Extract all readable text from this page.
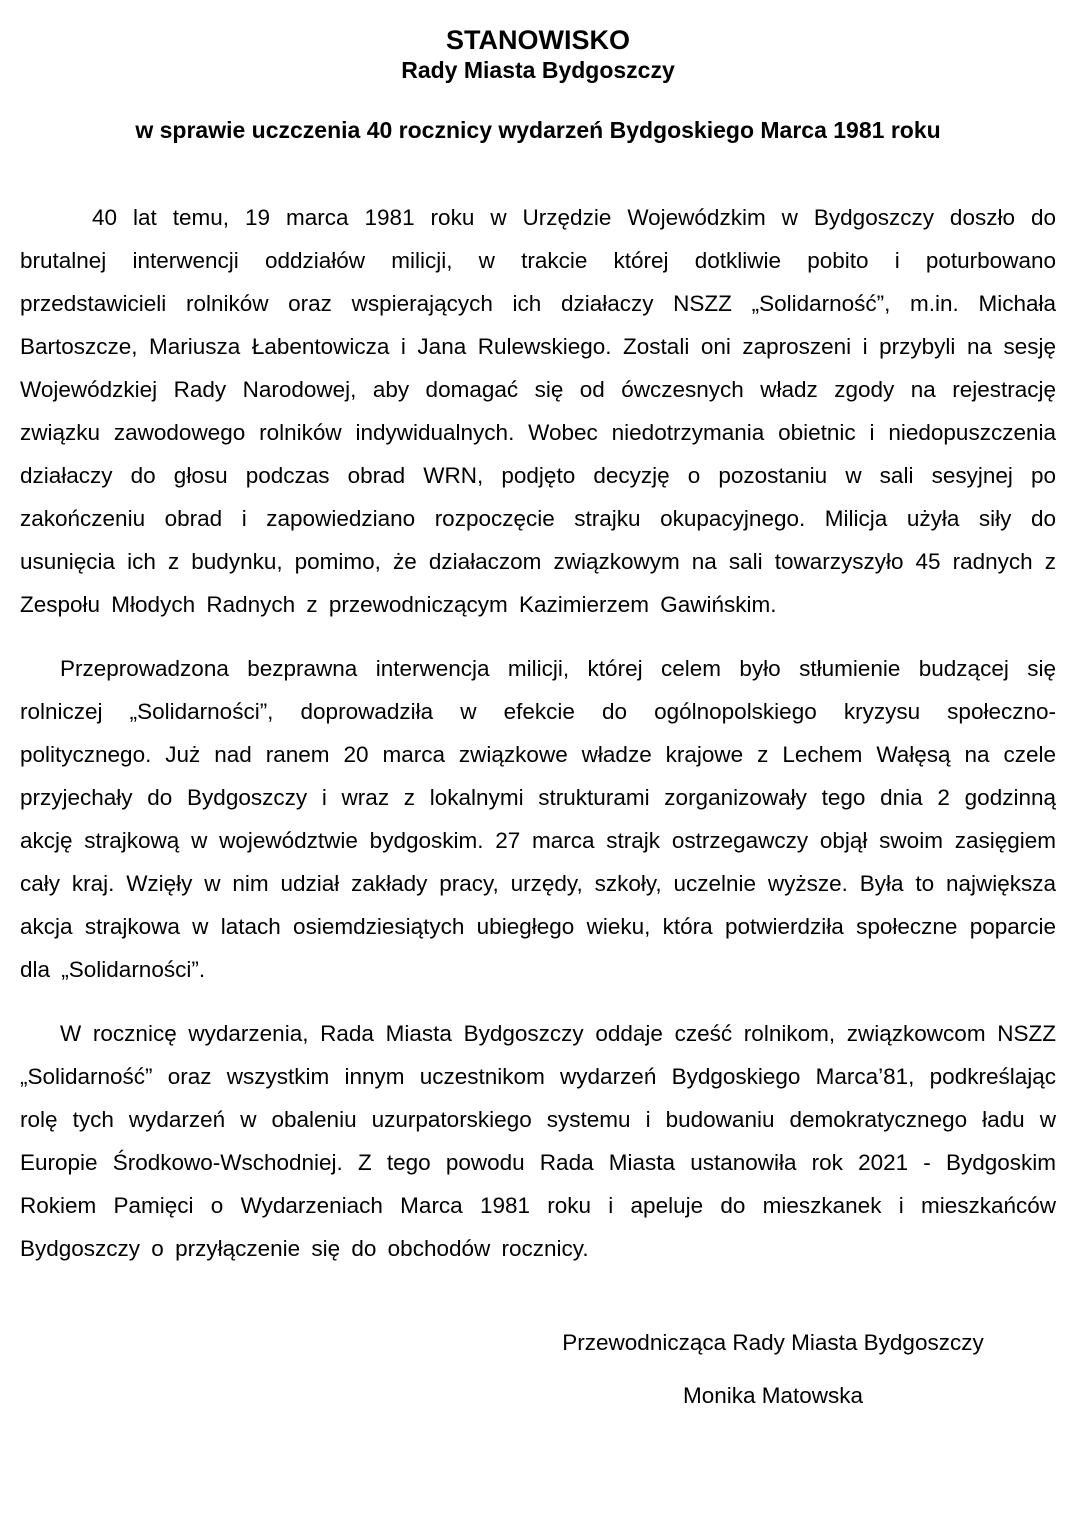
STANOWISKO
Rady Miasta Bydgoszczy
w sprawie uczczenia 40 rocznicy wydarzeń Bydgoskiego Marca 1981 roku

40 lat temu, 19 marca 1981 roku w Urzędzie Wojewódzkim w Bydgoszczy doszło do brutalnej interwencji oddziałów milicji, w trakcie której dotkliwie pobito i poturbowano przedstawicieli rolników oraz wspierających ich działaczy NSZZ „Solidarność”, m.in. Michała Bartoszcze, Mariusza Łabentowicza i Jana Rulewskiego. Zostali oni zaproszeni i przybyli na sesję Wojewódzkiej Rady Narodowej, aby domagać się od ówczesnych władz zgody na rejestrację związku zawodowego rolników indywidualnych. Wobec niedotrzymania obietnic i niedopuszczenia działaczy do głosu podczas obrad WRN, podjęto decyzję o pozostaniu w sali sesyjnej po zakończeniu obrad i zapowiedziano rozpoczęcie strajku okupacyjnego. Milicja użyła siły do usunięcia ich z budynku, pomimo, że działaczom związkowym na sali towarzyszyło 45 radnych z Zespołu Młodych Radnych z przewodniczącym Kazimierzem Gawińskim.

Przeprowadzona bezprawna interwencja milicji, której celem było stłumienie budzącej się rolniczej „Solidarności”, doprowadziła w efekcie do ogólnopolskiego kryzysu społeczno-politycznego. Już nad ranem 20 marca związkowe władze krajowe z Lechem Wałęsą na czele przyjechały do Bydgoszczy i wraz z lokalnymi strukturami zorganizowały tego dnia 2 godzinną akcję strajkową w województwie bydgoskim. 27 marca strajk ostrzegawczy objął swoim zasięgiem cały kraj. Wzięły w nim udział zakłady pracy, urzędy, szkoły, uczelnie wyższe. Była to największa akcja strajkowa w latach osiemdziesiątych ubiegłego wieku, która potwierdziła społeczne poparcie dla „Solidarności”.

W rocznicę wydarzenia, Rada Miasta Bydgoszczy oddaje cześć rolnikom, związkowcom NSZZ „Solidarność” oraz wszystkim innym uczestnikom wydarzeń Bydgoskiego Marca’81, podkreślając rolę tych wydarzeń w obaleniu uzurpatorskiego systemu i budowaniu demokratycznego ładu w Europie Środkowo-Wschodniej. Z tego powodu Rada Miasta ustanowiła rok 2021 - Bydgoskim Rokiem Pamięci o Wydarzeniach Marca 1981 roku i apeluje do mieszkanek i mieszkańców Bydgoszczy o przyłączenie się do obchodów rocznicy.

Przewodnicząca Rady Miasta Bydgoszczy

Monika Matowska
